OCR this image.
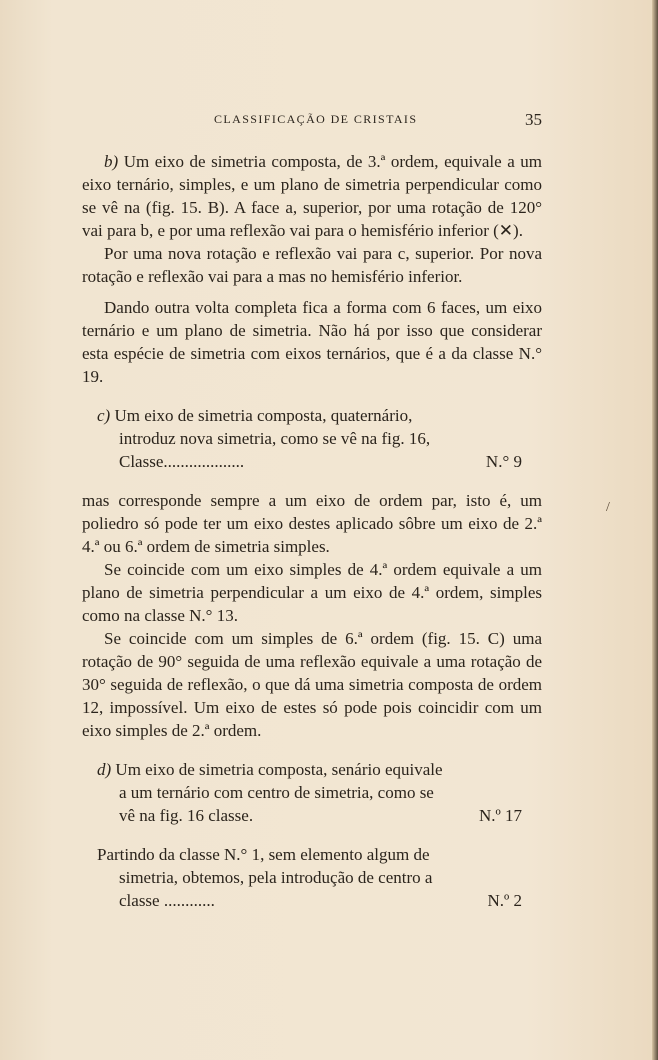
CLASSIFICAÇÃO DE CRISTAIS	35

b) Um eixo de simetria composta, de 3.ª ordem, equivale a um eixo ternário, simples, e um plano de simetria perpendicular como se vê na (fig. 15. B). A face a, superior, por uma rotação de 120° vai para b, e por uma reflexão vai para o hemisfério inferior (✕).

Por uma nova rotação e reflexão vai para c, superior. Por nova rotação e reflexão vai para a mas no hemisfério inferior.

Dando outra volta completa fica a forma com 6 faces, um eixo ternário e um plano de simetria. Não há por isso que considerar esta espécie de simetria com eixos ternários, que é a da classe N.° 19.

c) Um eixo de simetria composta, quaternário, introduz nova simetria, como se vê na fig. 16, Classe...................	N.° 9

mas corresponde sempre a um eixo de ordem par, isto é, um poliedro só pode ter um eixo destes aplicado sôbre um eixo de 2.ª 4.ª ou 6.ª ordem de simetria simples.

Se coincide com um eixo simples de 4.ª ordem equivale a um plano de simetria perpendicular a um eixo de 4.ª ordem, simples como na classe N.° 13.

Se coincide com um simples de 6.ª ordem (fig. 15. C) uma rotação de 90° seguida de uma reflexão equivale a uma rotação de 30° seguida de reflexão, o que dá uma simetria composta de ordem 12, impossível. Um eixo de estes só pode pois coincidir com um eixo simples de 2.ª ordem.

d) Um eixo de simetria composta, senário equivale a um ternário com centro de simetria, como se vê na fig. 16 classe.	N.º 17

Partindo da classe N.° 1, sem elemento algum de simetria, obtemos, pela introdução de centro a classe ............	N.º 2
/
